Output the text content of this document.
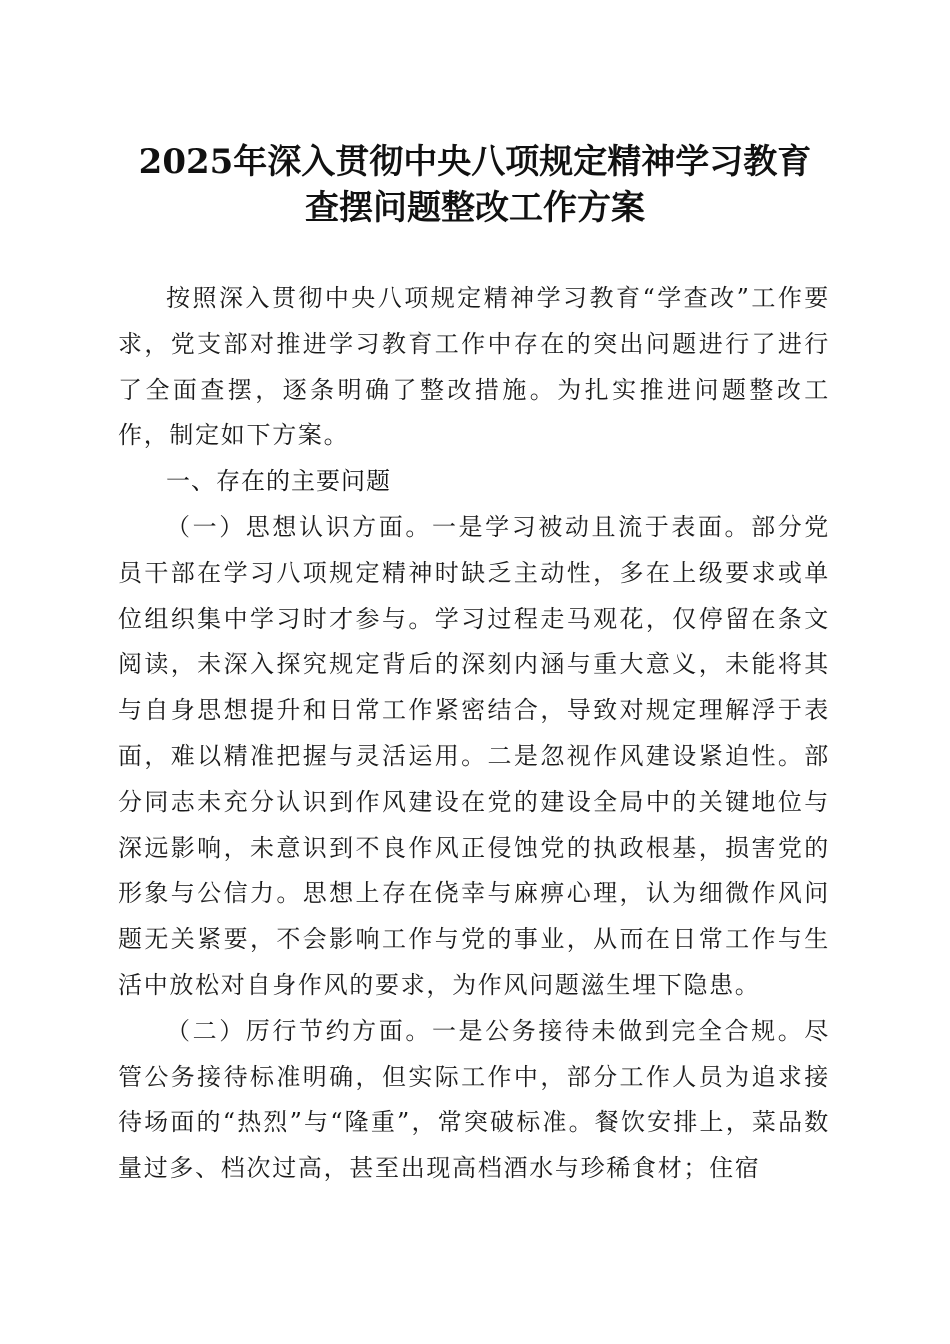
2025年深入贯彻中央八项规定精神学习教育
查摆问题整改工作方案

按照深入贯彻中央八项规定精神学习教育“学查改”工作要求，党支部对推进学习教育工作中存在的突出问题进行了进行了全面查摆，逐条明确了整改措施。为扎实推进问题整改工作，制定如下方案。

一、存在的主要问题

（一）思想认识方面。一是学习被动且流于表面。部分党员干部在学习八项规定精神时缺乏主动性，多在上级要求或单位组织集中学习时才参与。学习过程走马观花，仅停留在条文阅读，未深入探究规定背后的深刻内涵与重大意义，未能将其与自身思想提升和日常工作紧密结合，导致对规定理解浮于表面，难以精准把握与灵活运用。二是忽视作风建设紧迫性。部分同志未充分认识到作风建设在党的建设全局中的关键地位与深远影响，未意识到不良作风正侵蚀党的执政根基，损害党的形象与公信力。思想上存在侥幸与麻痹心理，认为细微作风问题无关紧要，不会影响工作与党的事业，从而在日常工作与生活中放松对自身作风的要求，为作风问题滋生埋下隐患。

（二）厉行节约方面。一是公务接待未做到完全合规。尽管公务接待标准明确，但实际工作中，部分工作人员为追求接待场面的“热烈”与“隆重”，常突破标准。餐饮安排上，菜品数量过多、档次过高，甚至出现高档酒水与珍稀食材；住宿
